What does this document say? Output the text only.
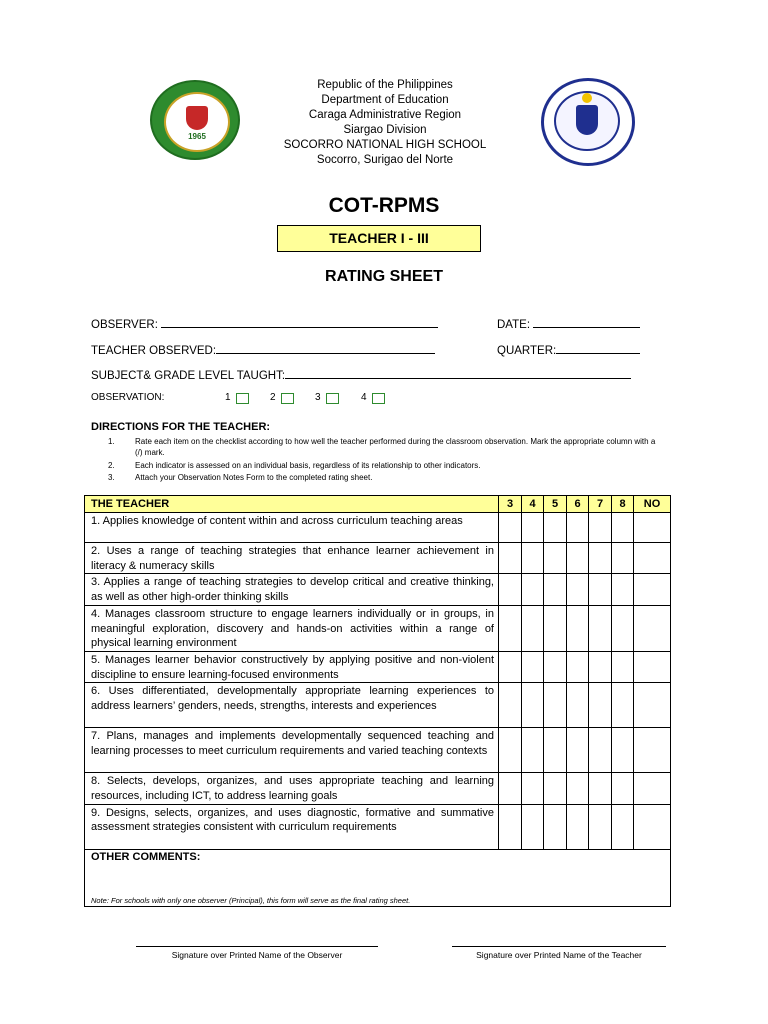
1965
Republic of the Philippines
Department of Education
Caraga Administrative Region
Siargao Division
SOCORRO NATIONAL HIGH SCHOOL
Socorro, Surigao del Norte
COT-RPMS
TEACHER I - III
RATING SHEET
OBSERVER:	DATE:
TEACHER OBSERVED:	QUARTER:
SUBJECT& GRADE LEVEL TAUGHT:
OBSERVATION:	1	2	3	4
DIRECTIONS FOR THE TEACHER:
1.	Rate each item on the checklist according to how well the teacher performed during the classroom observation. Mark the appropriate column with a (/) mark.
2.	Each indicator is assessed on an individual basis, regardless of its relationship to other indicators.
3.	Attach your Observation Notes Form to the completed rating sheet.
THE TEACHER	3	4	5	6	7	8	NO
1. Applies knowledge of content within and across curriculum teaching areas							
2. Uses a range of teaching strategies that enhance learner achievement in literacy & numeracy skills							
3. Applies a range of teaching strategies to develop critical and creative thinking, as well as other high-order thinking skills							
4. Manages classroom structure to engage learners individually or in groups, in meaningful exploration, discovery and hands-on activities within a range of physical learning environment							
5. Manages learner behavior constructively by applying positive and non-violent discipline to ensure learning-focused environments							
6. Uses differentiated, developmentally appropriate learning experiences to address learners’ genders, needs, strengths, interests and experiences							
7. Plans, manages and implements developmentally sequenced teaching and learning processes to meet curriculum requirements and varied teaching contexts							
8. Selects, develops, organizes, and uses appropriate teaching and learning resources, including ICT, to address learning goals							
9. Designs, selects, organizes, and uses diagnostic, formative and summative assessment strategies consistent with curriculum requirements							

OTHER COMMENTS:
Note: For schools with only one observer (Principal), this form will serve as the final rating sheet.							
Signature over Printed Name of the Observer	Signature over Printed Name of the Teacher
